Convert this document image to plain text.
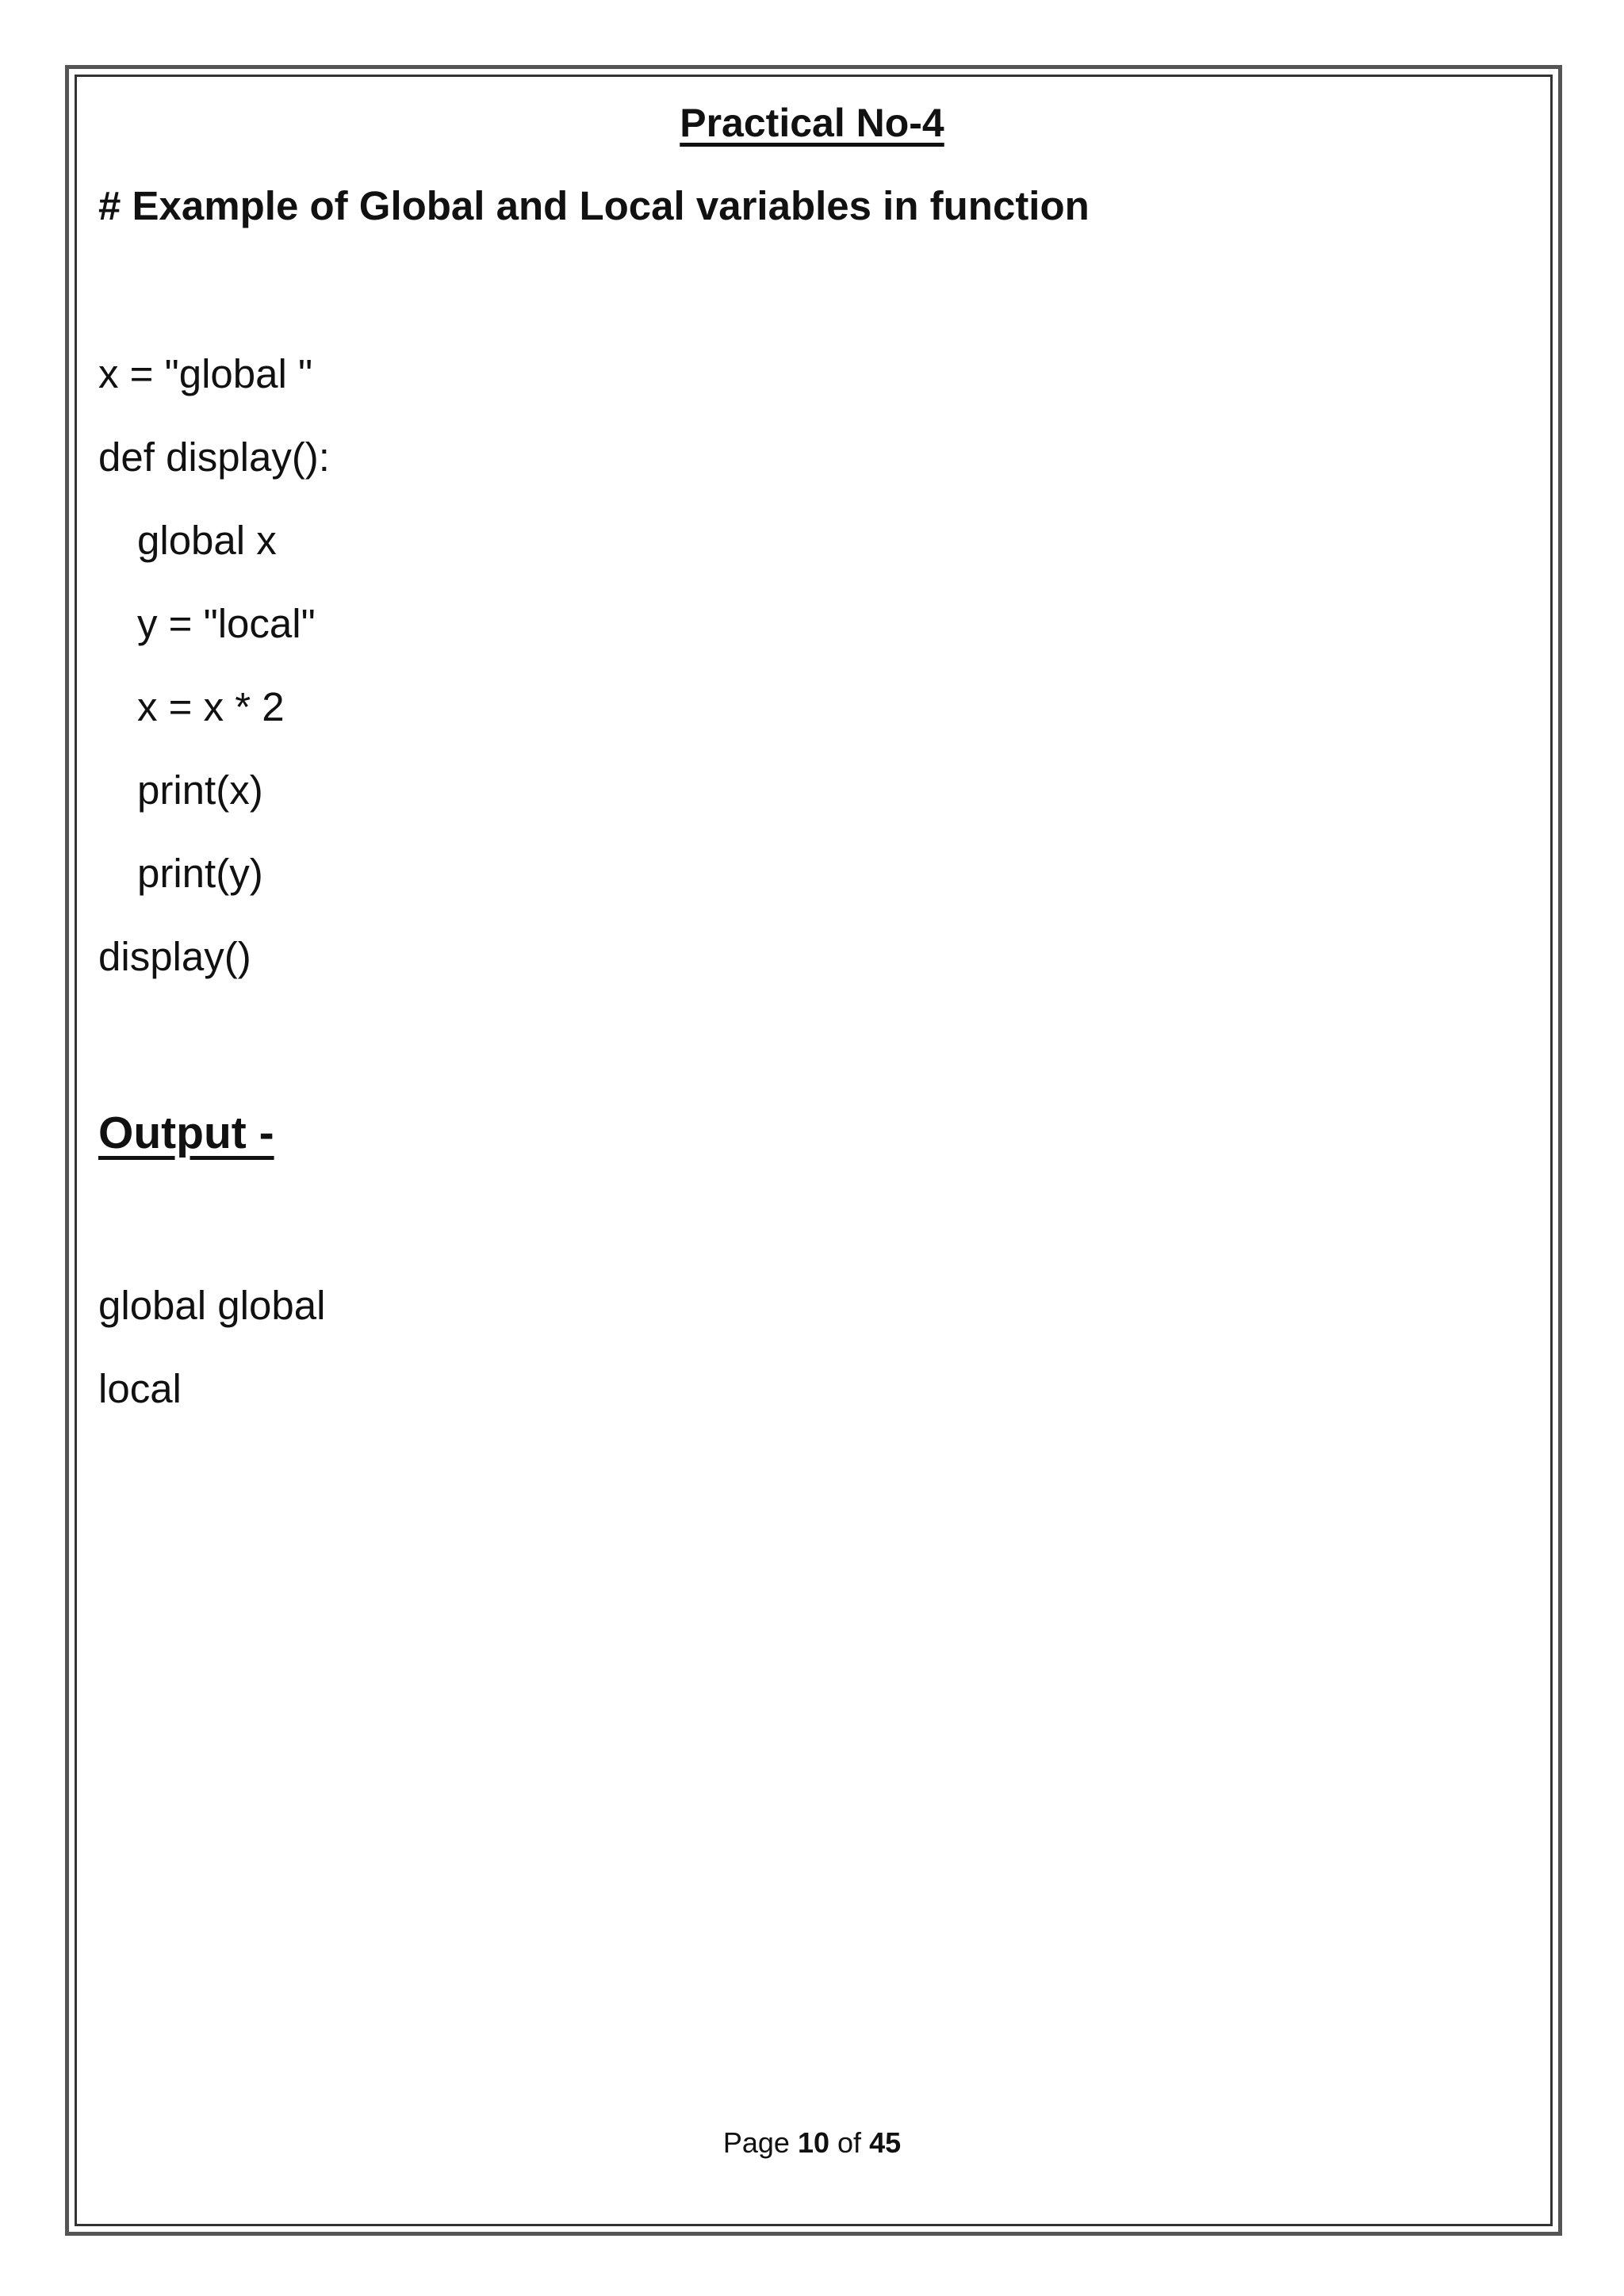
Practical No-4
# Example of Global and Local variables in function
x = "global "
def display():
global x
y = "local"
x = x * 2
print(x)
print(y)
display()
Output -
global global
local
Page 10 of 45
